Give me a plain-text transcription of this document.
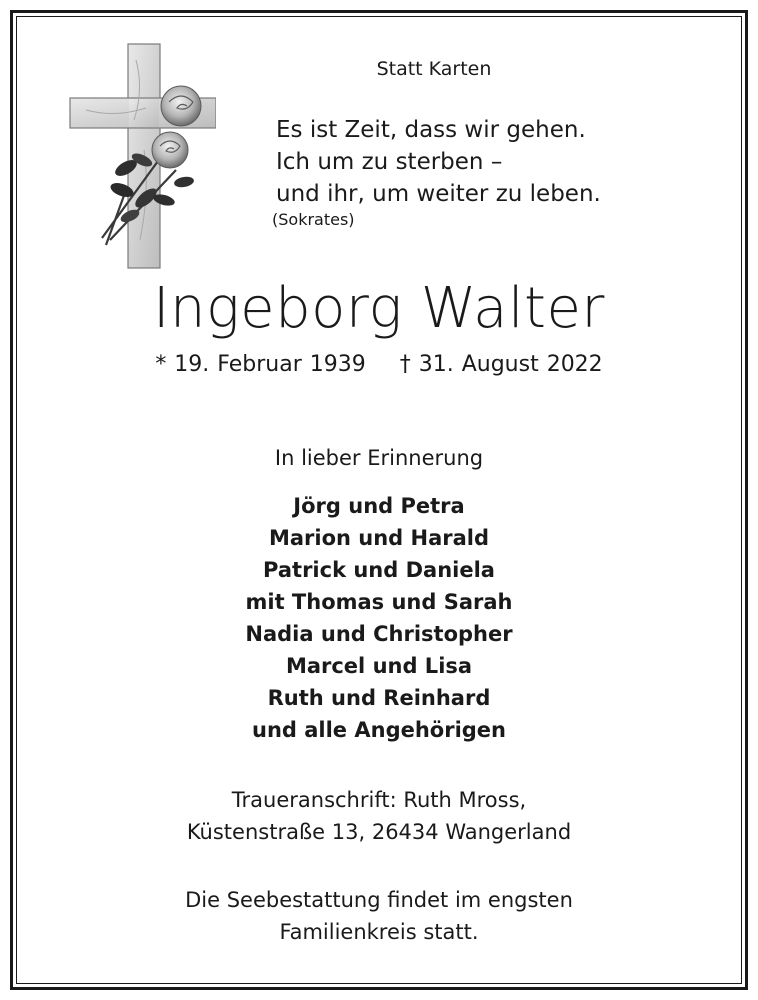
Statt Karten

Es ist Zeit, dass wir gehen.
Ich um zu sterben –
und ihr, um weiter zu leben.

(Sokrates)

Ingeborg Walter

* 19. Februar 1939 † 31. August 2022

In lieber Erinnerung

Jörg und Petra
Marion und Harald
Patrick und Daniela
mit Thomas und Sarah
Nadia und Christopher
Marcel und Lisa
Ruth und Reinhard
und alle Angehörigen
Traueranschrift: Ruth Mross,
Küstenstraße 13, 26434 Wangerland
Die Seebestattung findet im engsten
Familienkreis statt.
